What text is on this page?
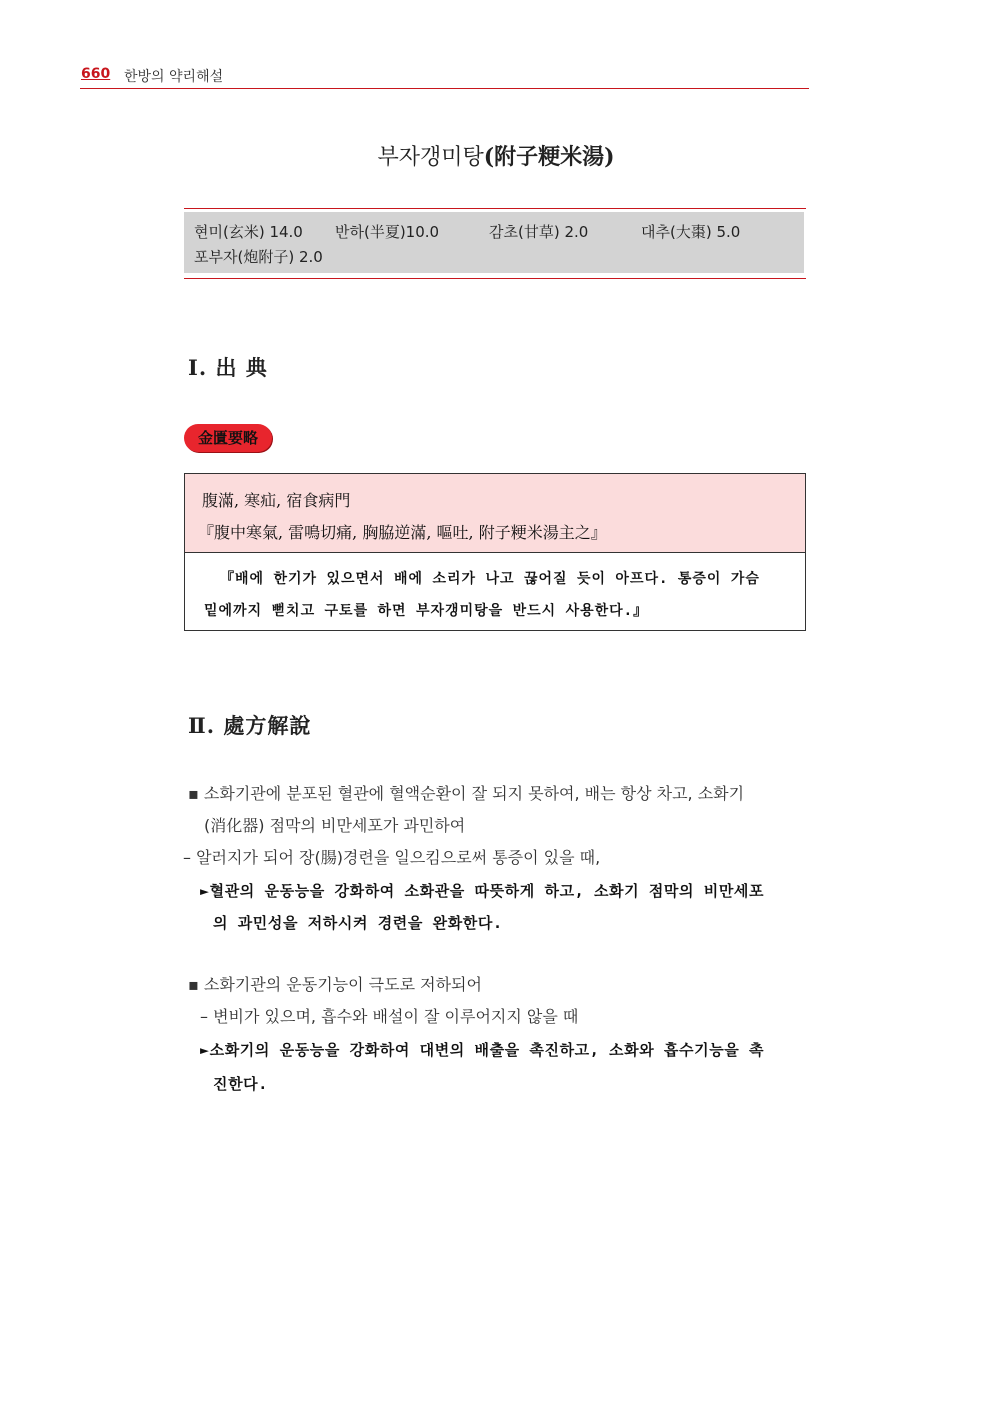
660 한방의 약리해설
부자갱미탕(附子粳米湯)
현미(玄米) 14.0 반하(半夏)10.0	감초(甘草) 2.0	대추(大棗) 5.0
포부자(炮附子) 2.0
Ⅰ. 出 典
金匱要略
腹滿, 寒疝, 宿食病門
『腹中寒氣, 雷鳴切痛, 胸脇逆滿, 嘔吐, 附子粳米湯主之』
『배에 한기가 있으면서 배에 소리가 나고 끊어질 듯이 아프다. 통증이 가슴
밑에까지 뻗치고 구토를 하면 부자갱미탕을 반드시 사용한다.』
Ⅱ. 處方解說
▪ 소화기관에 분포된 혈관에 혈액순환이 잘 되지 못하여, 배는 항상 차고, 소화기
(消化器) 점막의 비만세포가 과민하여
– 알러지가 되어 장(腸)경련을 일으킴으로써 통증이 있을 때,
►혈관의 운동능을 강화하여 소화관을 따뜻하게 하고, 소화기 점막의 비만세포
의 과민성을 저하시켜 경련을 완화한다.
▪ 소화기관의 운동기능이 극도로 저하되어
– 변비가 있으며, 흡수와 배설이 잘 이루어지지 않을 때
►소화기의 운동능을 강화하여 대변의 배출을 촉진하고, 소화와 흡수기능을 촉
진한다.
